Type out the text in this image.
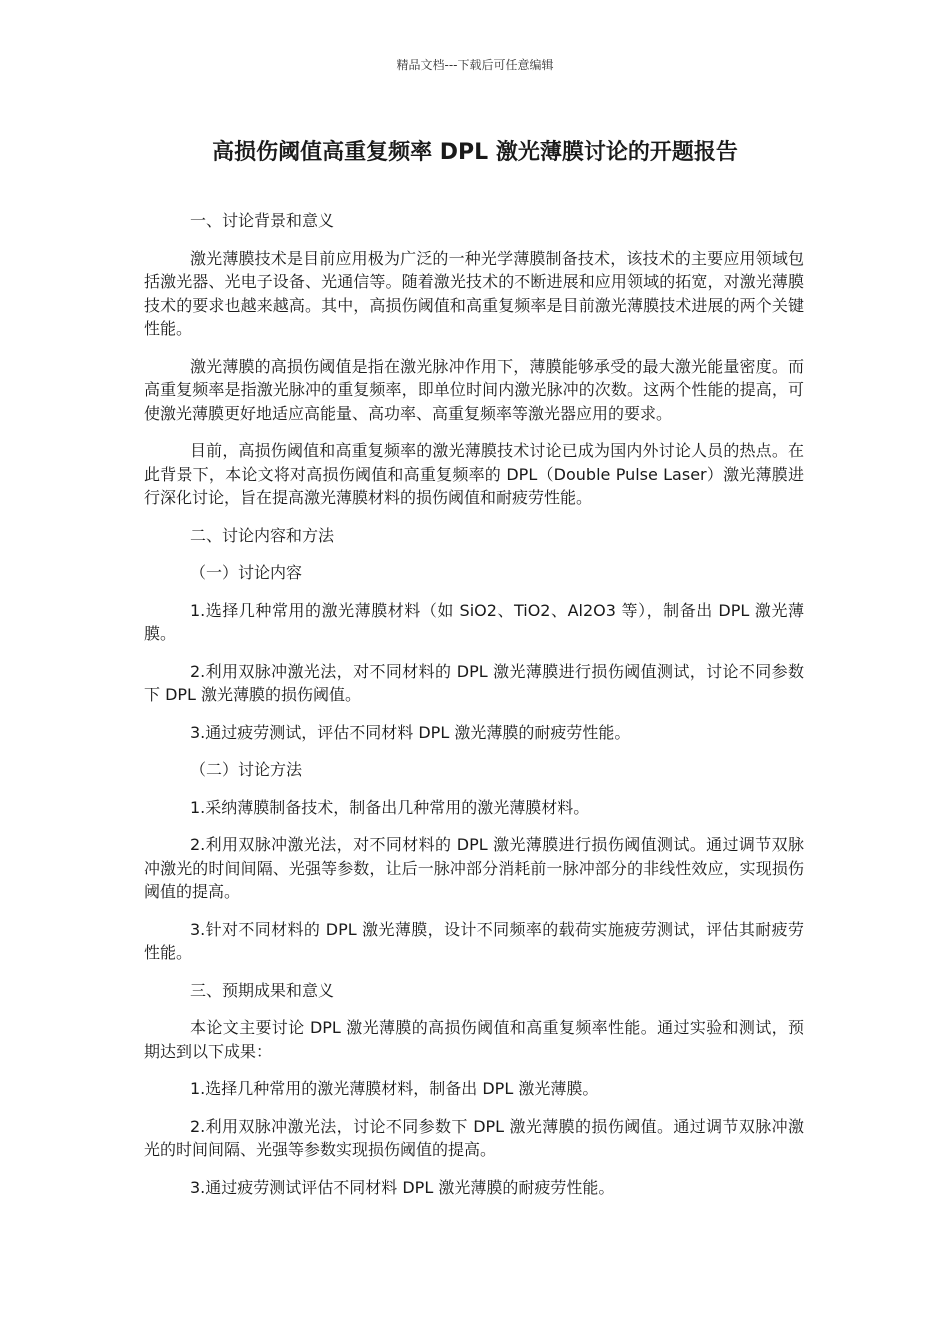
精品文档---下载后可任意编辑
高损伤阈值高重复频率 DPL 激光薄膜讨论的开题报告

一、讨论背景和意义

激光薄膜技术是目前应用极为广泛的一种光学薄膜制备技术，该技术的主要应用领域包括激光器、光电子设备、光通信等。随着激光技术的不断进展和应用领域的拓宽，对激光薄膜技术的要求也越来越高。其中，高损伤阈值和高重复频率是目前激光薄膜技术进展的两个关键性能。

激光薄膜的高损伤阈值是指在激光脉冲作用下，薄膜能够承受的最大激光能量密度。而高重复频率是指激光脉冲的重复频率，即单位时间内激光脉冲的次数。这两个性能的提高，可使激光薄膜更好地适应高能量、高功率、高重复频率等激光器应用的要求。

目前，高损伤阈值和高重复频率的激光薄膜技术讨论已成为国内外讨论人员的热点。在此背景下，本论文将对高损伤阈值和高重复频率的 DPL（Double Pulse Laser）激光薄膜进行深化讨论，旨在提高激光薄膜材料的损伤阈值和耐疲劳性能。

二、讨论内容和方法

（一）讨论内容

1.选择几种常用的激光薄膜材料（如 SiO2、TiO2、Al2O3 等），制备出 DPL 激光薄膜。

2.利用双脉冲激光法，对不同材料的 DPL 激光薄膜进行损伤阈值测试，讨论不同参数下 DPL 激光薄膜的损伤阈值。

3.通过疲劳测试，评估不同材料 DPL 激光薄膜的耐疲劳性能。

（二）讨论方法

1.采纳薄膜制备技术，制备出几种常用的激光薄膜材料。

2.利用双脉冲激光法，对不同材料的 DPL 激光薄膜进行损伤阈值测试。通过调节双脉冲激光的时间间隔、光强等参数，让后一脉冲部分消耗前一脉冲部分的非线性效应，实现损伤阈值的提高。

3.针对不同材料的 DPL 激光薄膜，设计不同频率的载荷实施疲劳测试，评估其耐疲劳性能。

三、预期成果和意义

本论文主要讨论 DPL 激光薄膜的高损伤阈值和高重复频率性能。通过实验和测试，预期达到以下成果：

1.选择几种常用的激光薄膜材料，制备出 DPL 激光薄膜。

2.利用双脉冲激光法，讨论不同参数下 DPL 激光薄膜的损伤阈值。通过调节双脉冲激光的时间间隔、光强等参数实现损伤阈值的提高。

3.通过疲劳测试评估不同材料 DPL 激光薄膜的耐疲劳性能。
